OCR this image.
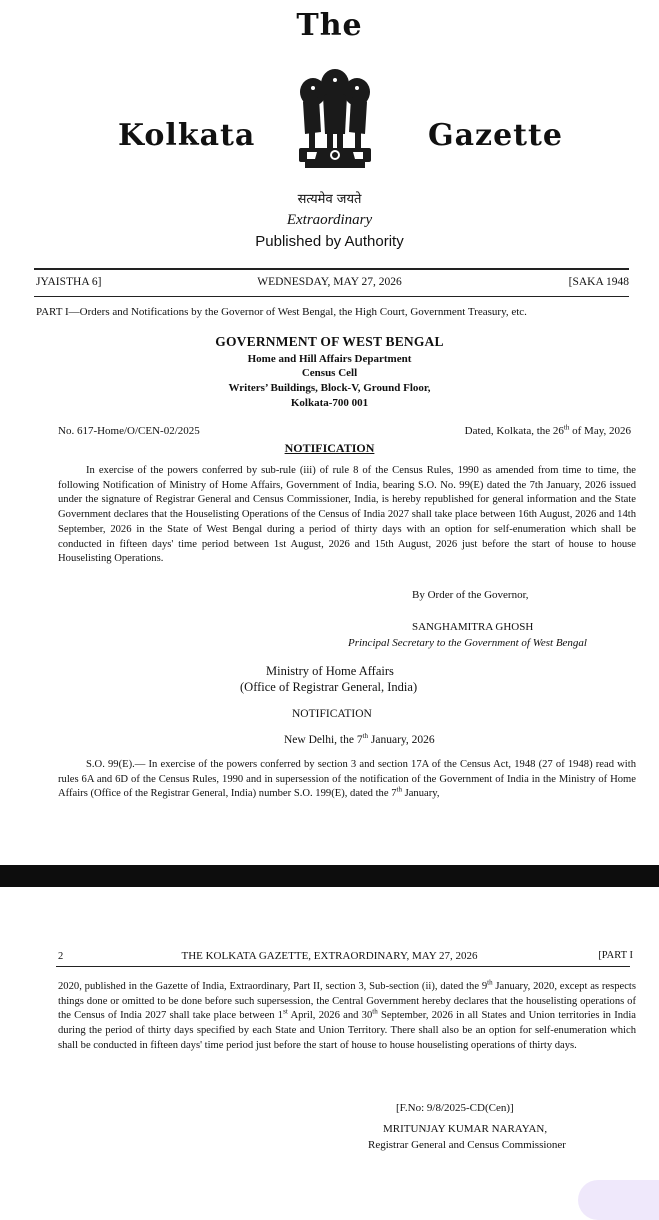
The
Kolkata	Gazette
सत्यमेव जयते
Extraordinary
Published by Authority
JYAISTHA 6]	WEDNESDAY, MAY 27, 2026	[SAKA 1948
PART I—Orders and Notifications by the Governor of West Bengal, the High Court, Government Treasury, etc.
GOVERNMENT OF WEST BENGAL
Home and Hill Affairs Department
Census Cell
Writers’ Buildings, Block-V, Ground Floor,
Kolkata-700 001
No. 617-Home/O/CEN-02/2025	Dated, Kolkata, the 26th of May, 2026
NOTIFICATION
In exercise of the powers conferred by sub-rule (iii) of rule 8 of the Census Rules, 1990 as amended from time to time, the following Notification of Ministry of Home Affairs, Government of India, bearing S.O. No. 99(E) dated the 7th January, 2026 issued under the signature of Registrar General and Census Commissioner, India, is hereby republished for general information and the State Government declares that the Houselisting Operations of the Census of India 2027 shall take place between 16th August, 2026 and 14th September, 2026 in the State of West Bengal during a period of thirty days with an option for self-enumeration which shall be conducted in fifteen days' time period between 1st August, 2026 and 15th August, 2026 just before the start of house to house Houselisting Operations.
By Order of the Governor,
SANGHAMITRA GHOSH
Principal Secretary to the Government of West Bengal
Ministry of Home Affairs
(Office of Registrar General, India)
NOTIFICATION
New Delhi, the 7th January, 2026
S.O. 99(E).— In exercise of the powers conferred by section 3 and section 17A of the Census Act, 1948 (27 of 1948) read with rules 6A and 6D of the Census Rules, 1990 and in supersession of the notification of the Government of India in the Ministry of Home Affairs (Office of the Registrar General, India) number S.O. 199(E), dated the 7th January,
2	THE KOLKATA GAZETTE, EXTRAORDINARY, MAY 27, 2026	[PART I
2020, published in the Gazette of India, Extraordinary, Part II, section 3, Sub-section (ii), dated the 9th January, 2020, except as respects things done or omitted to be done before such supersession, the Central Government hereby declares that the houselisting operations of the Census of India 2027 shall take place between 1st April, 2026 and 30th September, 2026 in all States and Union territories in India during the period of thirty days specified by each State and Union Territory. There shall also be an option for self-enumeration which shall be conducted in fifteen days' time period just before the start of house to house houselisting operations of thirty days.
[F.No: 9/8/2025-CD(Cen)]
MRITUNJAY KUMAR NARAYAN,
Registrar General and Census Commissioner
